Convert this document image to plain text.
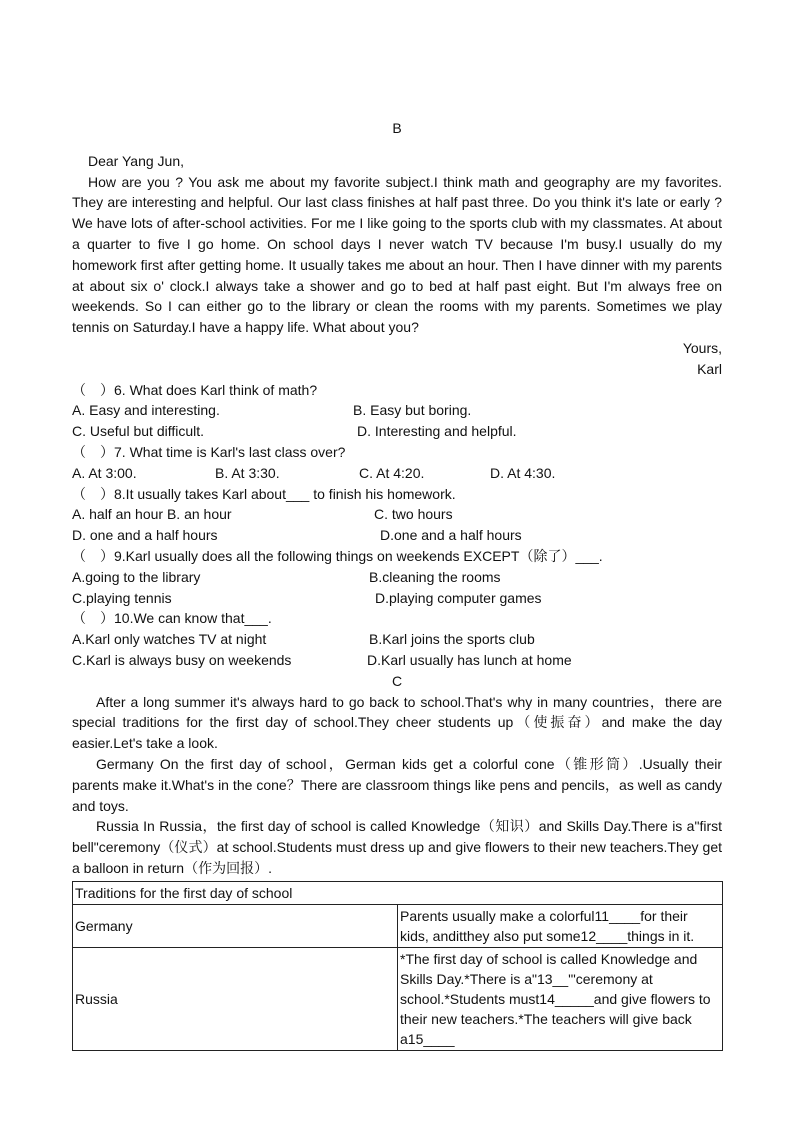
B
Dear Yang Jun,
How are you ? You ask me about my favorite subject.I think math and geography are my favorites. They are interesting and helpful. Our last class finishes at half past three. Do you think it's late or early ? We have lots of after-school activities. For me I like going to the sports club with my classmates. At about a quarter to five I go home. On school days I never watch TV because I'm busy.I usually do my homework first after getting home. It usually takes me about an hour. Then I have dinner with my parents at about six o' clock.I always take a shower and go to bed at half past eight. But I'm always free on weekends. So I can either go to the library or clean the rooms with my parents. Sometimes we play tennis on Saturday.I have a happy life. What about you?
Yours,
Karl
（　）6. What does Karl think of math?
A. Easy and interesting.	B. Easy but boring.
C. Useful but difficult.	D. Interesting and helpful.
（　）7. What time is Karl's last class over?
A. At 3:00.	B. At 3:30.	C. At 4:20.	D. At 4:30.
（　）8.It usually takes Karl about___ to finish his homework.
A. half an hour B. an hour	C. two hours
D. one and a half hours	D.one and a half hours
（　）9.Karl usually does all the following things on weekends EXCEPT（除了）___.
A.going to the library	B.cleaning the rooms
C.playing tennis	D.playing computer games
（　）10.We can know that___.
A.Karl only watches TV at night	B.Karl joins the sports club
C.Karl is always busy on weekends	D.Karl usually has lunch at home
C
After a long summer it's always hard to go back to school.That's why in many countries，there are special traditions for the first day of school.They cheer students up（使振奋）and make the day easier.Let's take a look.
Germany On the first day of school，German kids get a colorful cone（锥形筒）.Usually their parents make it.What's in the cone？There are classroom things like pens and pencils，as well as candy and toys.
Russia In Russia，the first day of school is called Knowledge（知识）and Skills Day.There is a"first bell"ceremony（仪式）at school.Students must dress up and give flowers to their new teachers.They get a balloon in return（作为回报）.
Traditions for the first day of school	
Germany	Parents usually make a colorful11____for their kids, anditthey also put some12____things in it.
Russia	*The first day of school is called Knowledge and Skills Day.*There is a"13__'"ceremony at school.*Students must14_____and give flowers to their new teachers.*The teachers will give back a15____
